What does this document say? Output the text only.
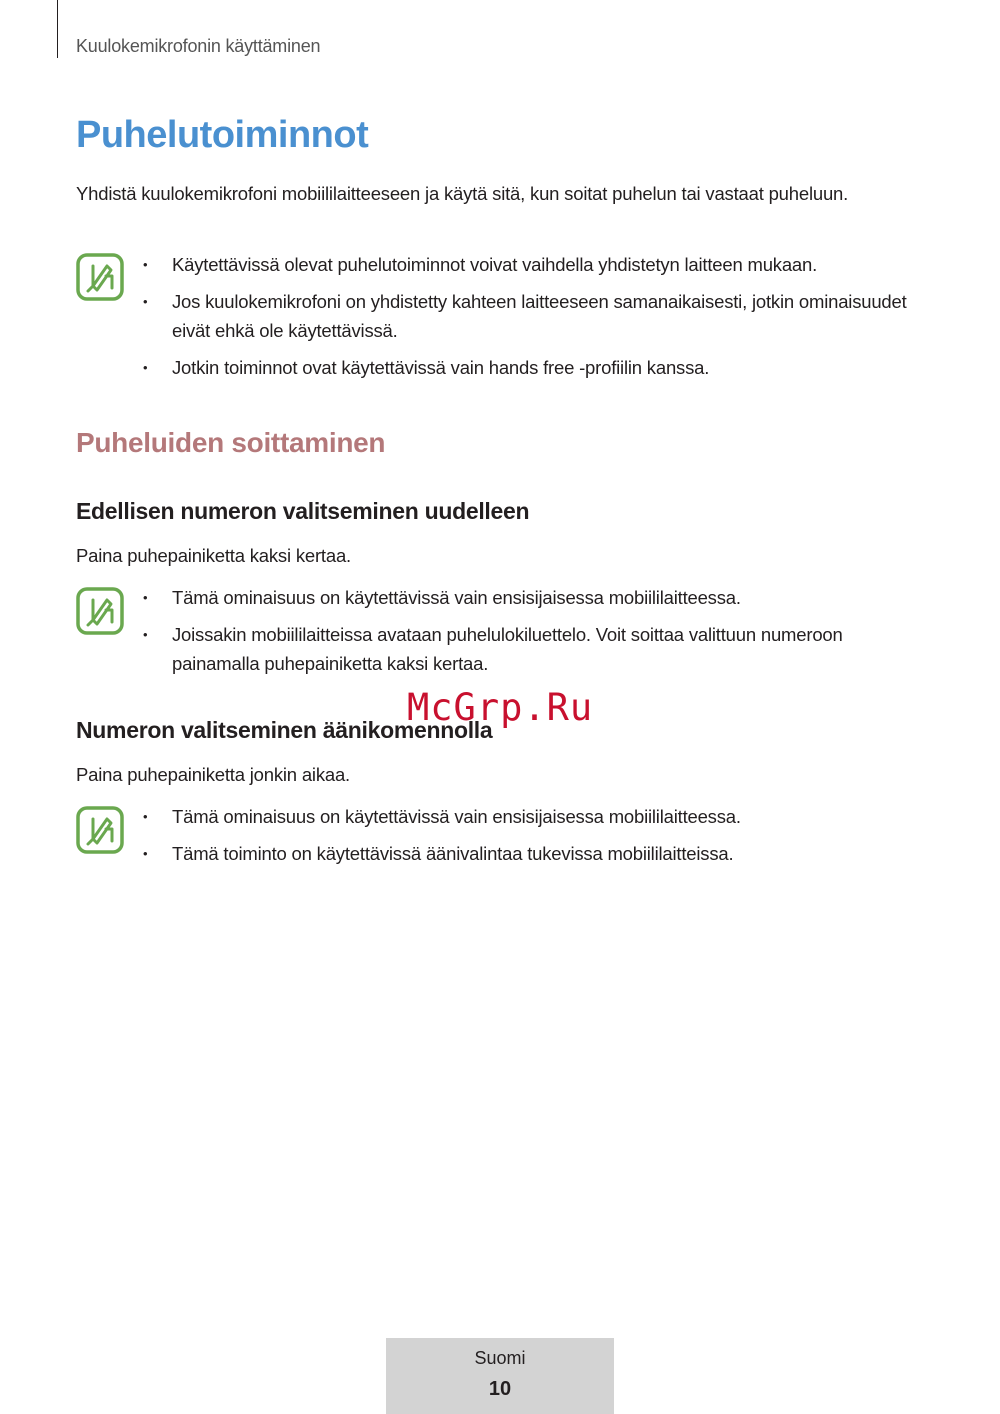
Kuulokemikrofonin käyttäminen
Puhelutoiminnot
Yhdistä kuulokemikrofoni mobiililaitteeseen ja käytä sitä, kun soitat puhelun tai vastaat puheluun.
• Käytettävissä olevat puhelutoiminnot voivat vaihdella yhdistetyn laitteen mukaan.
• Jos kuulokemikrofoni on yhdistetty kahteen laitteeseen samanaikaisesti, jotkin ominaisuudet eivät ehkä ole käytettävissä.
• Jotkin toiminnot ovat käytettävissä vain hands free -profiilin kanssa.
Puheluiden soittaminen
Edellisen numeron valitseminen uudelleen
Paina puhepainiketta kaksi kertaa.
• Tämä ominaisuus on käytettävissä vain ensisijaisessa mobiililaitteessa.
• Joissakin mobiililaitteissa avataan puhelulokiluettelo. Voit soittaa valittuun numeroon painamalla puhepainiketta kaksi kertaa.
McGrp.Ru
Numeron valitseminen äänikomennolla
Paina puhepainiketta jonkin aikaa.
• Tämä ominaisuus on käytettävissä vain ensisijaisessa mobiililaitteessa.
• Tämä toiminto on käytettävissä äänivalintaa tukevissa mobiililaitteissa.
Suomi
10
